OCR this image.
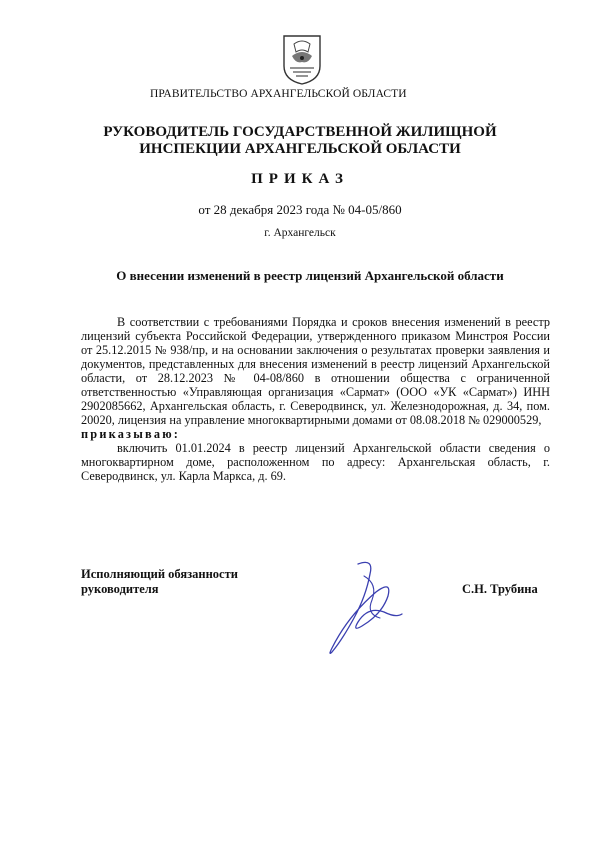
ПРАВИТЕЛЬСТВО АРХАНГЕЛЬСКОЙ ОБЛАСТИ
РУКОВОДИТЕЛЬ ГОСУДАРСТВЕННОЙ ЖИЛИЩНОЙ
ИНСПЕКЦИИ АРХАНГЕЛЬСКОЙ ОБЛАСТИ
ПРИКАЗ
от 28 декабря 2023 года № 04-05/860
г. Архангельск
О внесении изменений в реестр лицензий Архангельской области

В соответствии с требованиями Порядка и сроков внесения изменений в реестр лицензий субъекта Российской Федерации, утвержденного приказом Минстроя России от 25.12.2015 № 938/пр, и на основании заключения о результатах проверки заявления и документов, представленных для внесения изменений в реестр лицензий Архангельской области, от 28.12.2023 № 04-08/860 в отношении общества с ограниченной ответственностью «Управляющая организация «Сармат» (ООО «УК «Сармат») ИНН 2902085662, Архангельская область, г. Северодвинск, ул. Железнодорожная, д. 34, пом. 20020, лицензия на управление многоквартирными домами от 08.08.2018 № 029000529,

приказываю:

включить 01.01.2024 в реестр лицензий Архангельской области сведения о многоквартирном доме, расположенном по адресу: Архангельская область, г. Северодвинск, ул. Карла Маркса, д. 69.

Исполняющий обязанности
руководителя	С.Н. Трубина
